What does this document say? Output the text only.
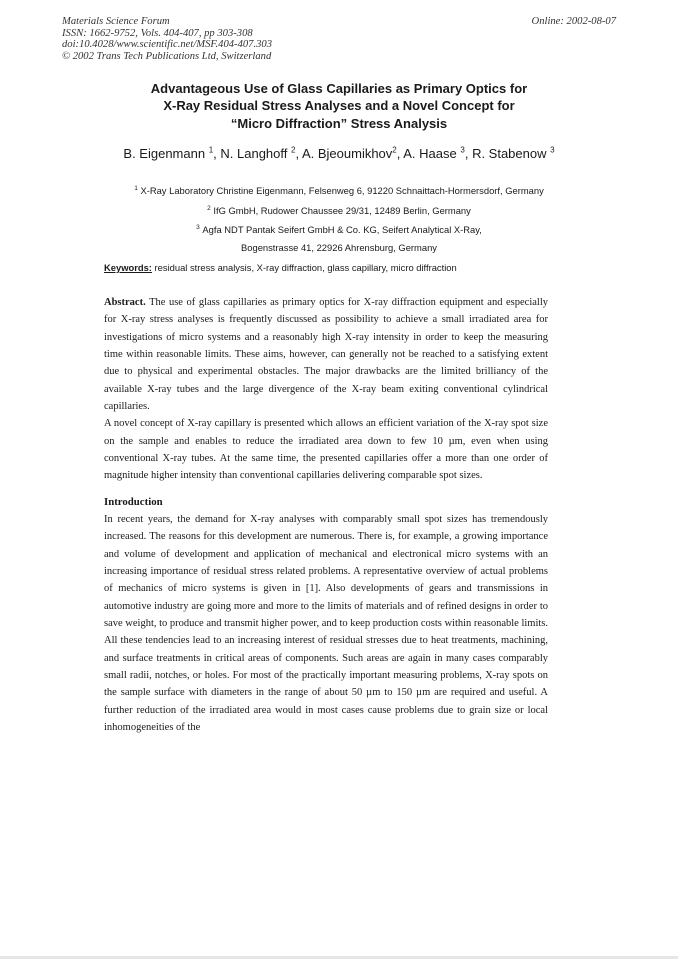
Materials Science Forum
ISSN: 1662-9752, Vols. 404-407, pp 303-308
doi:10.4028/www.scientific.net/MSF.404-407.303
© 2002 Trans Tech Publications Ltd, Switzerland
Online: 2002-08-07
Advantageous Use of Glass Capillaries as Primary Optics for
X-Ray Residual Stress Analyses and a Novel Concept for
“Micro Diffraction” Stress Analysis

B. Eigenmann $^1$, N. Langhoff $^2$, A. Bjeoumikhov$^2$, A. Haase $^3$, R. Stabenow $^3$

$^1$ X-Ray Laboratory Christine Eigenmann, Felsenweg 6, 91220 Schnaittach-Hormersdorf, Germany
$^2$ IfG GmbH, Rudower Chaussee 29/31, 12489 Berlin, Germany
$^3$ Agfa NDT Pantak Seifert GmbH & Co. KG, Seifert Analytical X-Ray,
Bogenstrasse 41, 22926 Ahrensburg, Germany
Keywords: residual stress analysis, X-ray diffraction, glass capillary, micro diffraction

Abstract. The use of glass capillaries as primary optics for X-ray diffraction equipment and especially for X-ray stress analyses is frequently discussed as possibility to achieve a small irradiated area for investigations of micro systems and a reasonably high X-ray intensity in order to keep the measuring time within reasonable limits. These aims, however, can generally not be reached to a satisfying extent due to physical and experimental obstacles. The major drawbacks are the limited brilliancy of the available X-ray tubes and the large divergence of the X-ray beam exiting conventional cylindrical capillaries.

A novel concept of X-ray capillary is presented which allows an efficient variation of the X-ray spot size on the sample and enables to reduce the irradiated area down to few 10 µm, even when using conventional X-ray tubes. At the same time, the presented capillaries offer a more than one order of magnitude higher intensity than conventional capillaries delivering comparable spot sizes.

Introduction

In recent years, the demand for X-ray analyses with comparably small spot sizes has tremendously increased. The reasons for this development are numerous. There is, for example, a growing importance and volume of development and application of mechanical and electronical micro systems with an increasing importance of residual stress related problems. A representative overview of actual problems of mechanics of micro systems is given in [1]. Also developments of gears and transmissions in automotive industry are going more and more to the limits of materials and of refined designs in order to save weight, to produce and transmit higher power, and to keep production costs within reasonable limits. All these tendencies lead to an increasing interest of residual stresses due to heat treatments, machining, and surface treatments in critical areas of components. Such areas are again in many cases comparably small radii, notches, or holes. For most of the practically important measuring problems, X-ray spots on the sample surface with diameters in the range of about 50 µm to 150 µm are required and useful. A further reduction of the irradiated area would in most cases cause problems due to grain size or local inhomogeneities of the
